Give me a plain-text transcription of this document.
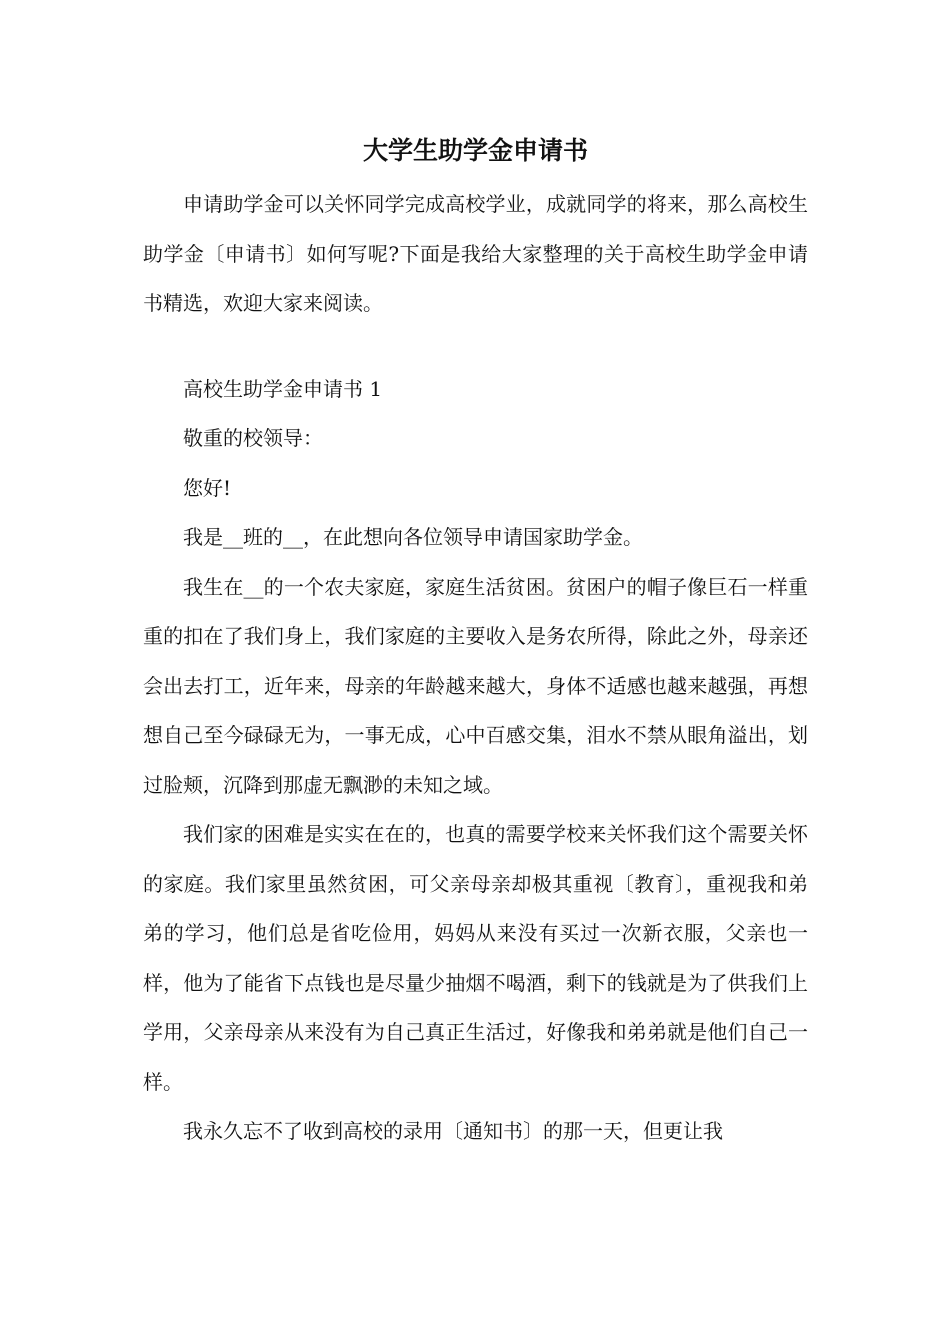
大学生助学金申请书

申请助学金可以关怀同学完成高校学业，成就同学的将来，那么高校生助学金〔申请书〕如何写呢?下面是我给大家整理的关于高校生助学金申请书精选，欢迎大家来阅读。

高校生助学金申请书 1

敬重的校领导：

您好!

我是__班的__，在此想向各位领导申请国家助学金。

我生在__的一个农夫家庭，家庭生活贫困。贫困户的帽子像巨石一样重重的扣在了我们身上，我们家庭的主要收入是务农所得，除此之外，母亲还会出去打工，近年来，母亲的年龄越来越大，身体不适感也越来越强，再想想自己至今碌碌无为，一事无成，心中百感交集，泪水不禁从眼角溢出，划过脸颊，沉降到那虚无飘渺的未知之域。

我们家的困难是实实在在的，也真的需要学校来关怀我们这个需要关怀的家庭。我们家里虽然贫困，可父亲母亲却极其重视〔教育〕，重视我和弟弟的学习，他们总是省吃俭用，妈妈从来没有买过一次新衣服，父亲也一样，他为了能省下点钱也是尽量少抽烟不喝酒，剩下的钱就是为了供我们上学用，父亲母亲从来没有为自己真正生活过，好像我和弟弟就是他们自己一样。

我永久忘不了收到高校的录用〔通知书〕的那一天，但更让我
